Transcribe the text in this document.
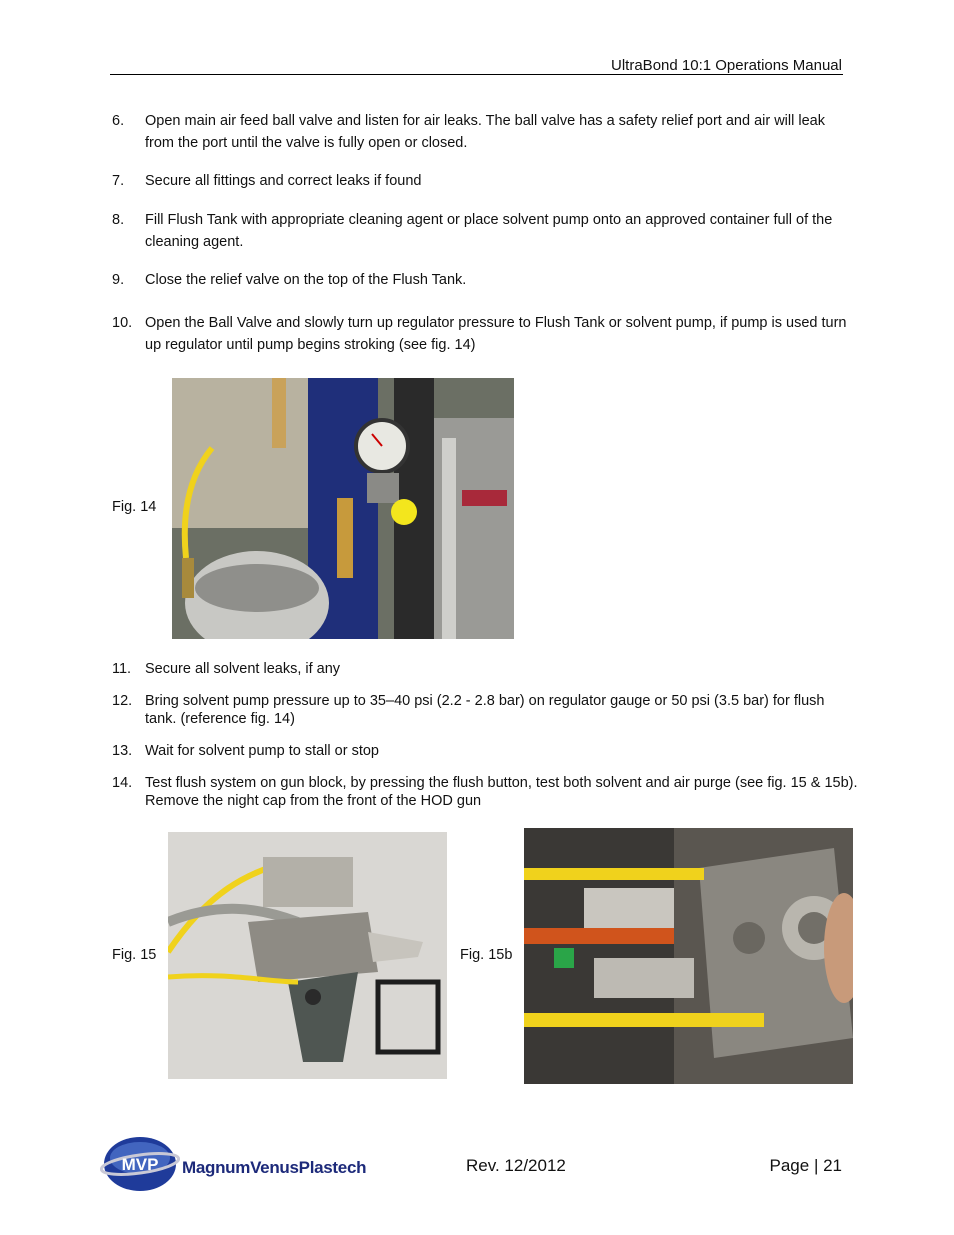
UltraBond 10:1 Operations Manual
6.	Open main air feed ball valve and listen for air leaks. The ball valve has a safety relief port and air will leak from the port until the valve is fully open or closed.
7.	Secure all fittings and correct leaks if found
8.	Fill Flush Tank with appropriate cleaning agent or place solvent pump onto an approved container full of the cleaning agent.
9.	Close the relief valve on the top of the Flush Tank.
10. Open the Ball Valve and slowly turn up regulator pressure to Flush Tank or solvent pump, if pump is used turn up regulator until pump begins stroking (see fig. 14)
Fig. 14
11. Secure all solvent leaks, if any
12. Bring solvent pump pressure up to 35–40 psi (2.2 - 2.8 bar) on regulator gauge or 50 psi (3.5 bar) for flush tank. (reference fig. 14)
13. Wait for solvent pump to stall or stop
14. Test flush system on gun block, by pressing the flush button, test both solvent and air purge (see fig. 15 & 15b). Remove the night cap from the front of the HOD gun
Fig. 15	Fig. 15b
MVP MagnumVenusPlastech	Rev. 12/2012	Page | 21
